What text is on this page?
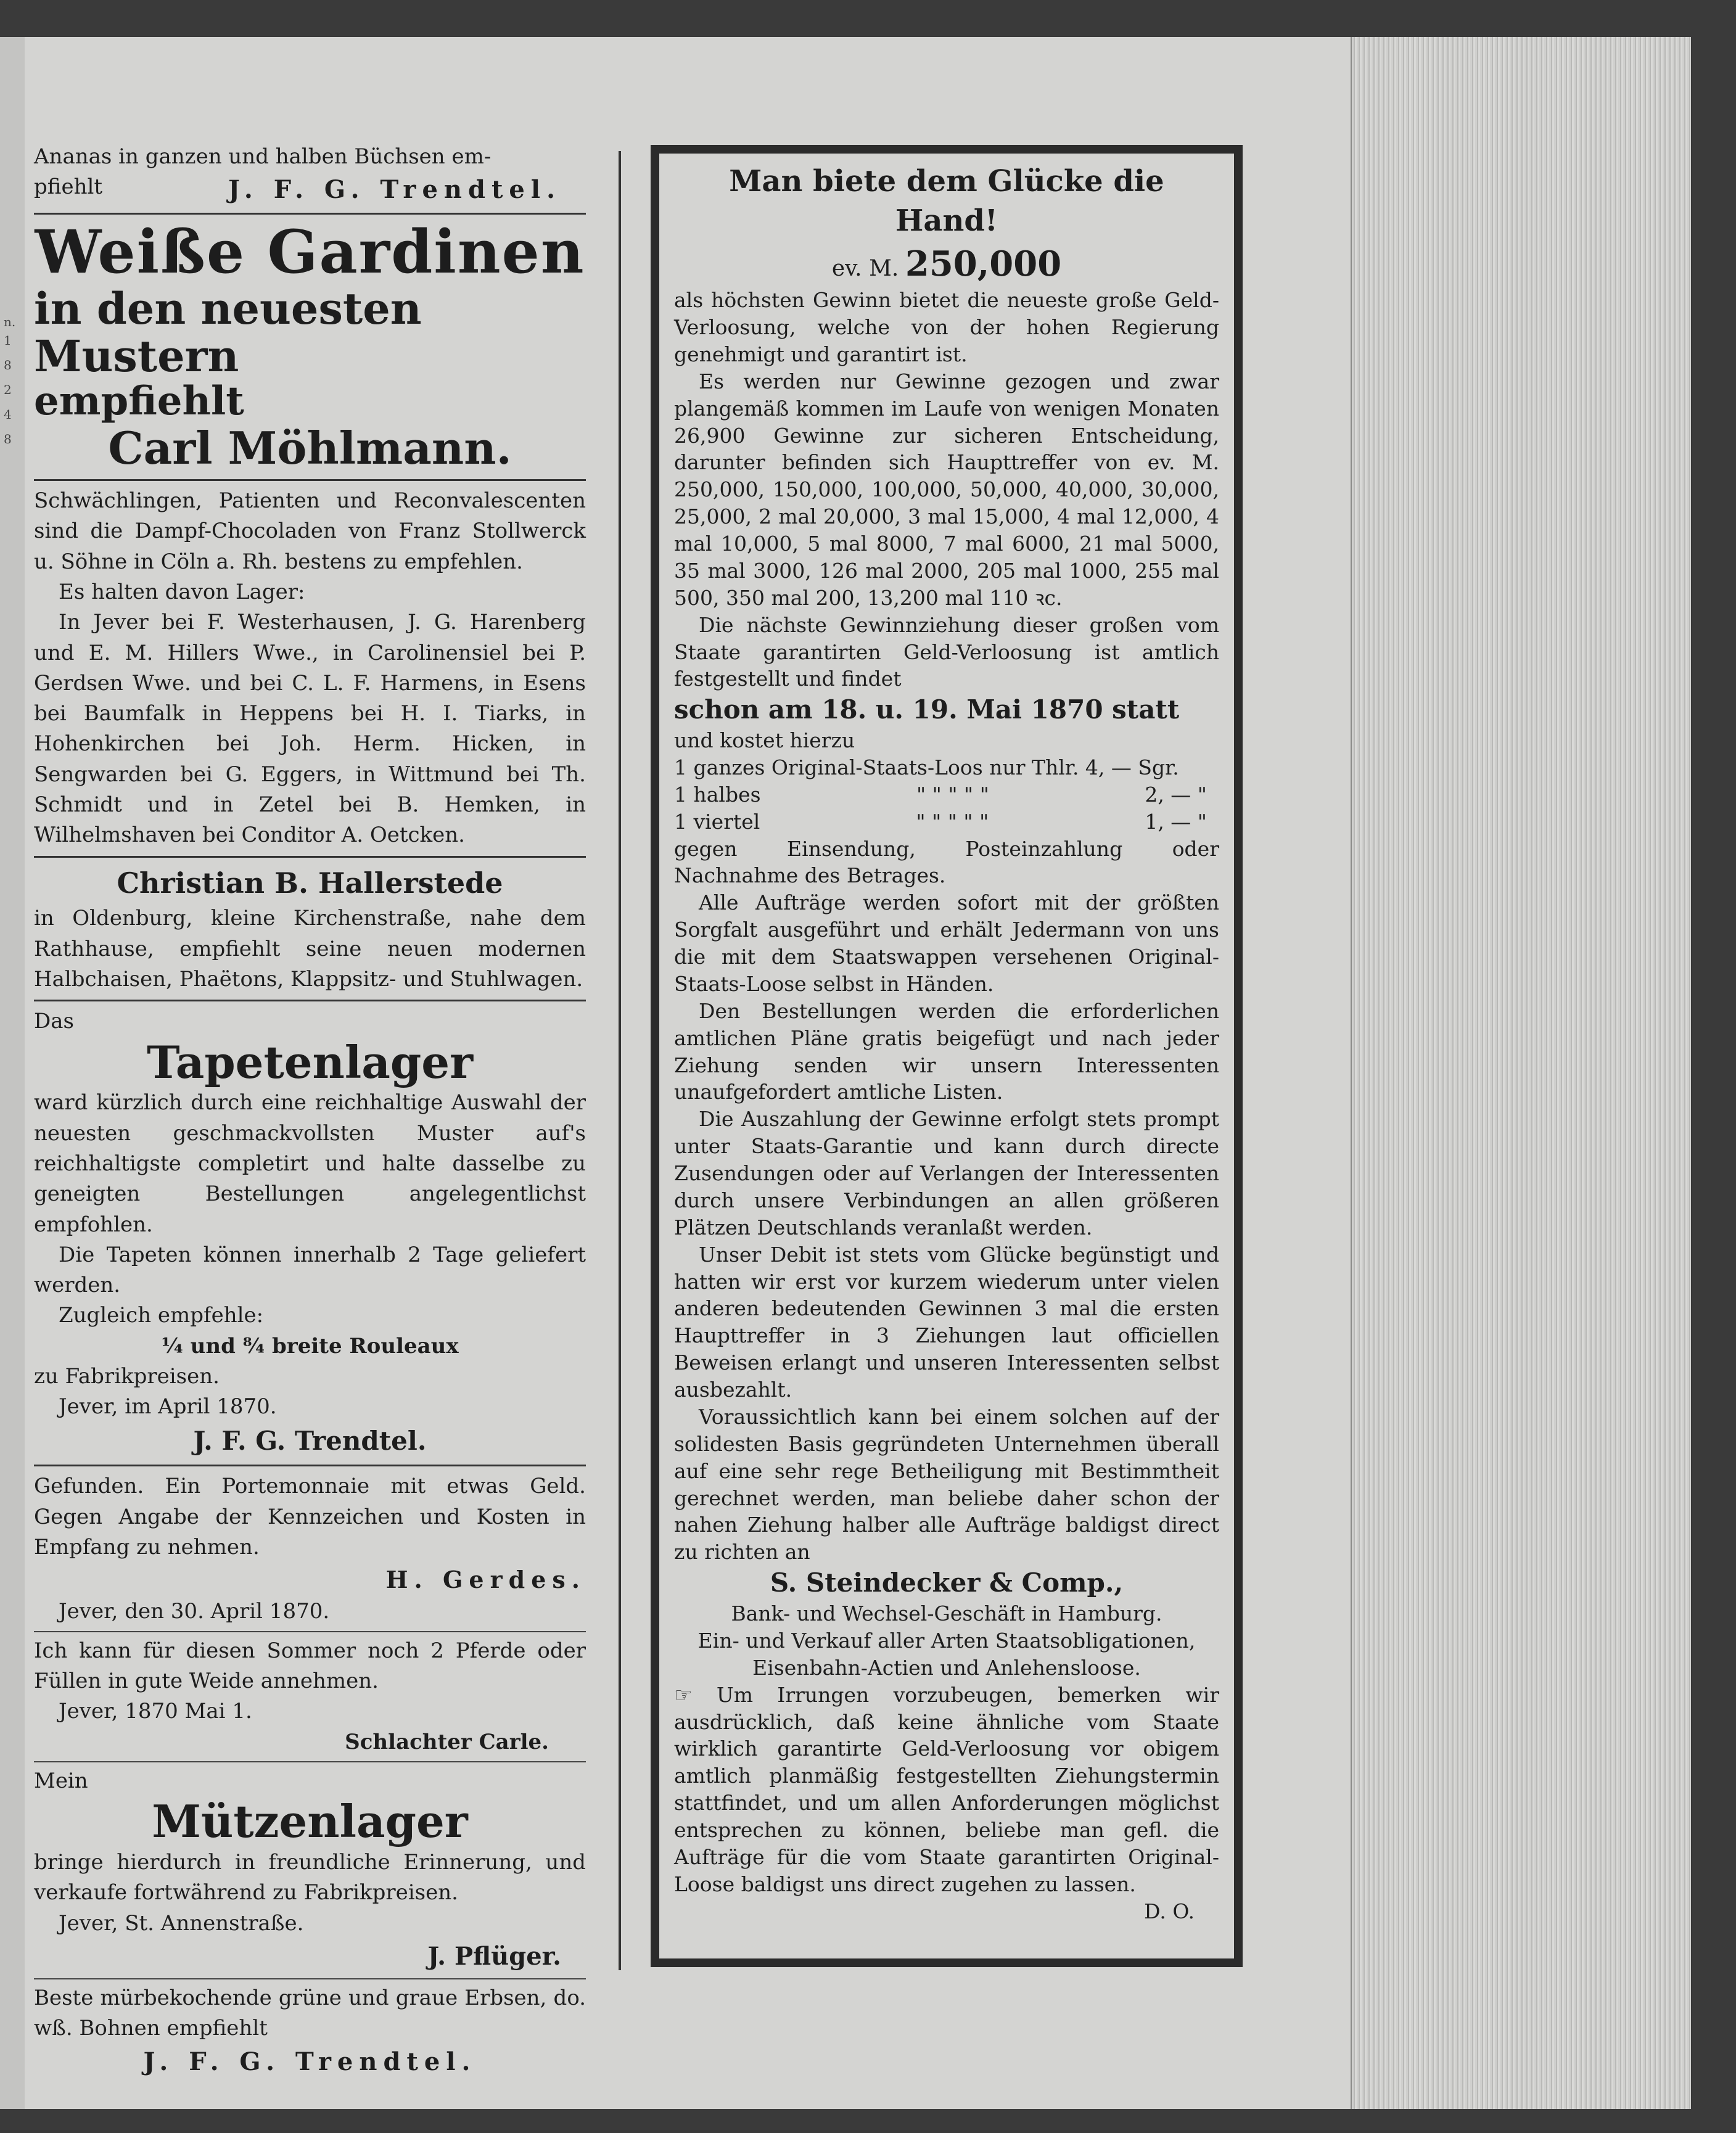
n.
1
8
2
4
8

Ananas in ganzen und halben Büchsen em-

pfiehlt	J. F. G. Trendtel.

Weiße Gardinen

in den neuesten Mustern

empfiehlt

Carl Möhlmann.

Schwächlingen, Patienten und Reconvalescenten sind die Dampf-Chocoladen von Franz Stollwerck u. Söhne in Cöln a. Rh. bestens zu empfehlen.

Es halten davon Lager:

In Jever bei F. Westerhausen, J. G. Harenberg und E. M. Hillers Wwe., in Carolinensiel bei P. Gerdsen Wwe. und bei C. L. F. Harmens, in Esens bei Baumfalk in Heppens bei H. I. Tiarks, in Hohenkirchen bei Joh. Herm. Hicken, in Sengwarden bei G. Eggers, in Wittmund bei Th. Schmidt und in Zetel bei B. Hemken, in Wilhelmshaven bei Conditor A. Oetcken.

Christian B. Hallerstede

in Oldenburg, kleine Kirchenstraße, nahe dem Rathhause, empfiehlt seine neuen modernen Halbchaisen, Phaëtons, Klappsitz- und Stuhlwagen.

Das

Tapetenlager

ward kürzlich durch eine reichhaltige Auswahl der neuesten geschmackvollsten Muster auf's reichhaltigste completirt und halte dasselbe zu geneigten Bestellungen angelegentlichst empfohlen.

Die Tapeten können innerhalb 2 Tage geliefert werden.

Zugleich empfehle:

¼ und ⁸⁄₄ breite Rouleaux

zu Fabrikpreisen.

Jever, im April 1870.

J. F. G. Trendtel.

Gefunden. Ein Portemonnaie mit etwas Geld. Gegen Angabe der Kennzeichen und Kosten in Empfang zu nehmen.

H. Gerdes.

Jever, den 30. April 1870.

Ich kann für diesen Sommer noch 2 Pferde oder Füllen in gute Weide annehmen.

Jever, 1870 Mai 1.

Schlachter Carle.

Mein

Mützenlager

bringe hierdurch in freundliche Erinnerung, und verkaufe fortwährend zu Fabrikpreisen.

Jever, St. Annenstraße.

J. Pflüger.

Beste mürbekochende grüne und graue Erbsen, do. wß. Bohnen empfiehlt

J. F. G. Trendtel.

Man biete dem Glücke die Hand!

ev. M. 250,000

als höchsten Gewinn bietet die neueste große Geld-Verloosung, welche von der hohen Regierung genehmigt und garantirt ist.

Es werden nur Gewinne gezogen und zwar plangemäß kommen im Laufe von wenigen Monaten 26,900 Gewinne zur sicheren Entscheidung, darunter befinden sich Haupttreffer von ev. M. 250,000, 150,000, 100,000, 50,000, 40,000, 30,000, 25,000, 2 mal 20,000, 3 mal 15,000, 4 mal 12,000, 4 mal 10,000, 5 mal 8000, 7 mal 6000, 21 mal 5000, 35 mal 3000, 126 mal 2000, 205 mal 1000, 255 mal 500, 350 mal 200, 13,200 mal 110 ꝛc.

Die nächste Gewinnziehung dieser großen vom Staate garantirten Geld-Verloosung ist amtlich festgestellt und findet

schon am 18. u. 19. Mai 1870 statt

und kostet hierzu

1 ganzes Original-Staats-Loos nur Thlr. 4, — Sgr.

1 halbes	" " " " "	2, — "
1 viertel	" " " " "	1, — "

gegen Einsendung, Posteinzahlung oder Nachnahme des Betrages.

Alle Aufträge werden sofort mit der größten Sorgfalt ausgeführt und erhält Jedermann von uns die mit dem Staatswappen versehenen Original-Staats-Loose selbst in Händen.

Den Bestellungen werden die erforderlichen amtlichen Pläne gratis beigefügt und nach jeder Ziehung senden wir unsern Interessenten unaufgefordert amtliche Listen.

Die Auszahlung der Gewinne erfolgt stets prompt unter Staats-Garantie und kann durch directe Zusendungen oder auf Verlangen der Interessenten durch unsere Verbindungen an allen größeren Plätzen Deutschlands veranlaßt werden.

Unser Debit ist stets vom Glücke begünstigt und hatten wir erst vor kurzem wiederum unter vielen anderen bedeutenden Gewinnen 3 mal die ersten Haupttreffer in 3 Ziehungen laut officiellen Beweisen erlangt und unseren Interessenten selbst ausbezahlt.

Voraussichtlich kann bei einem solchen auf der solidesten Basis gegründeten Unternehmen überall auf eine sehr rege Betheiligung mit Bestimmtheit gerechnet werden, man beliebe daher schon der nahen Ziehung halber alle Aufträge baldigst direct zu richten an

S. Steindecker & Comp.,

Bank- und Wechsel-Geschäft in Hamburg.

Ein- und Verkauf aller Arten Staatsobligationen,

Eisenbahn-Actien und Anlehensloose.

☞ Um Irrungen vorzubeugen, bemerken wir ausdrücklich, daß keine ähnliche vom Staate wirklich garantirte Geld-Verloosung vor obigem amtlich planmäßig festgestellten Ziehungstermin stattfindet, und um allen Anforderungen möglichst entsprechen zu können, beliebe man gefl. die Aufträge für die vom Staate garantirten Original-Loose baldigst uns direct zugehen zu lassen.

D. O.
